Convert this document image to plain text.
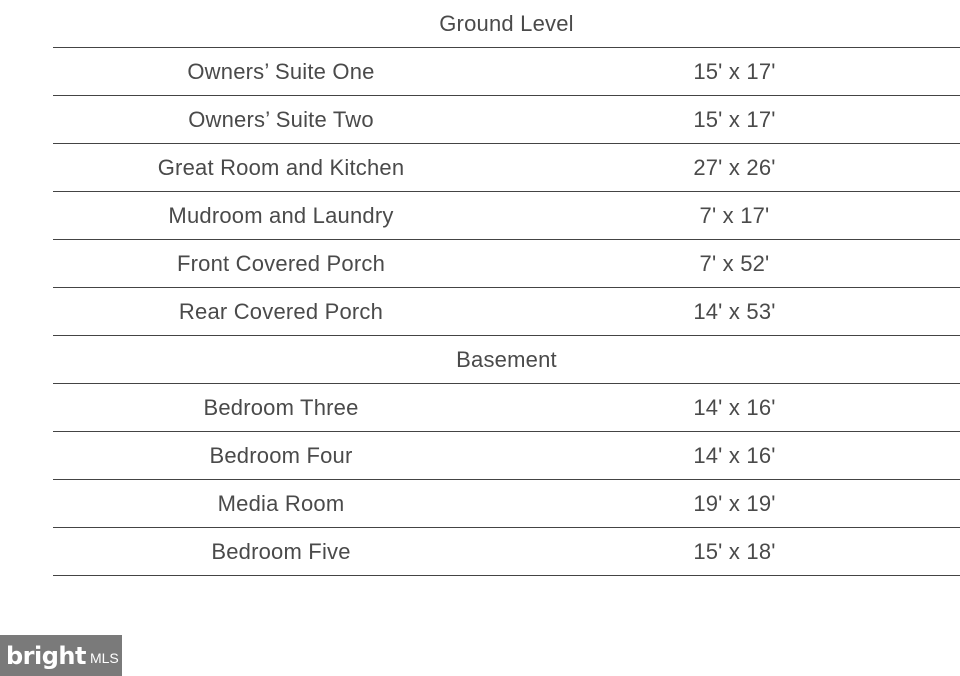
Ground Level
Owners’ Suite One	15' x 17'
Owners’ Suite Two	15' x 17'
Great Room and Kitchen	27' x 26'
Mudroom and Laundry	7' x 17'
Front Covered Porch	7' x 52'
Rear Covered Porch	14' x 53'
Basement
Bedroom Three	14' x 16'
Bedroom Four	14' x 16'
Media Room	19' x 19'
Bedroom Five	15' x 18'
bright MLS
